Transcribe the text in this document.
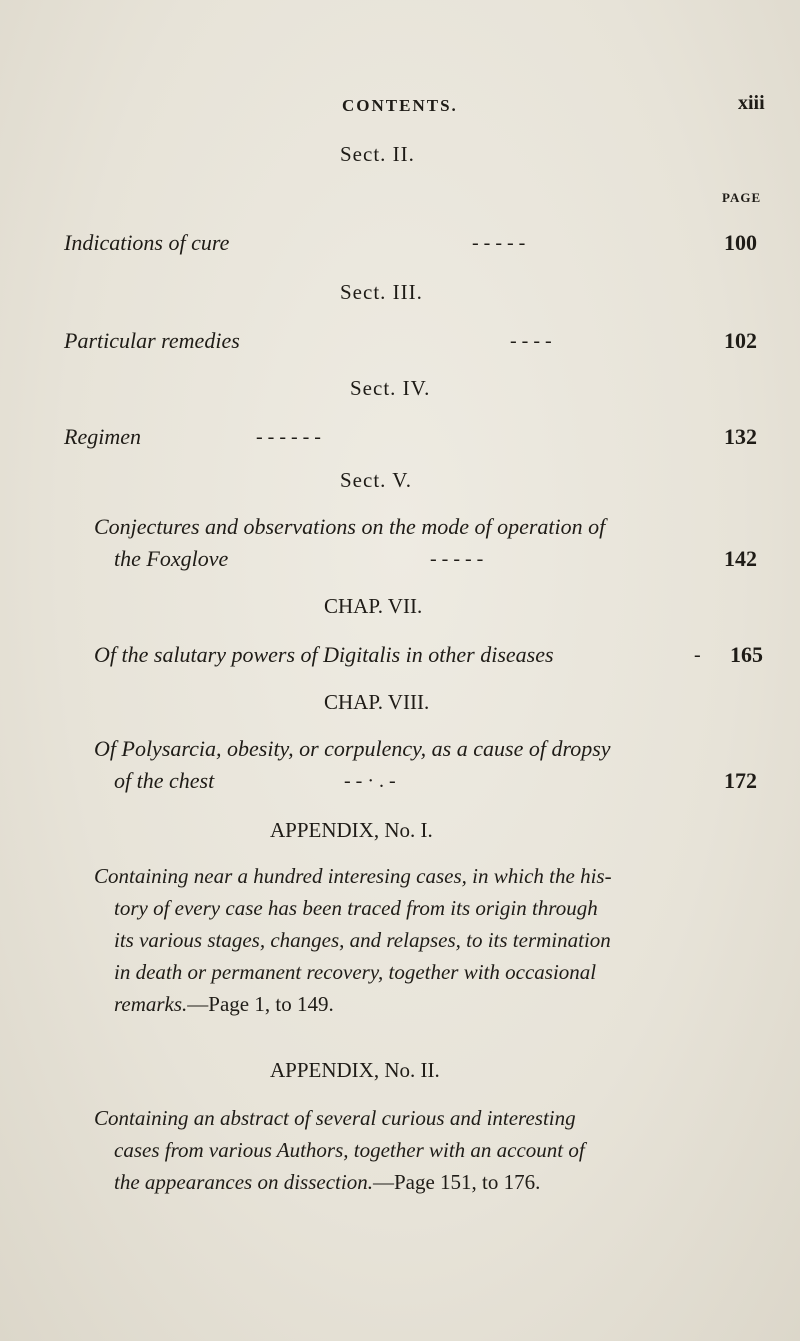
CONTENTS.	xiii
Sect. II.
PAGE
Indications of cure	- - - - -	100
Sect. III.
Particular remedies	- - - -	102
Sect. IV.
Regimen	- - - - - -	132
Sect. V.
Conjectures and observations on the mode of operation of
the Foxglove	- - - - -	142
CHAP. VII.
Of the salutary powers of Digitalis in other diseases	- 165
CHAP. VIII.
Of Polysarcia, obesity, or corpulency, as a cause of dropsy
of the chest	- - · . -	172
APPENDIX, No. I.
Containing near a hundred interesing cases, in which the his-
tory of every case has been traced from its origin through
its various stages, changes, and relapses, to its termination
in death or permanent recovery, together with occasional
remarks.—Page 1, to 149.
APPENDIX, No. II.
Containing an abstract of several curious and interesting
cases from various Authors, together with an account of
the appearances on dissection.—Page 151, to 176.
